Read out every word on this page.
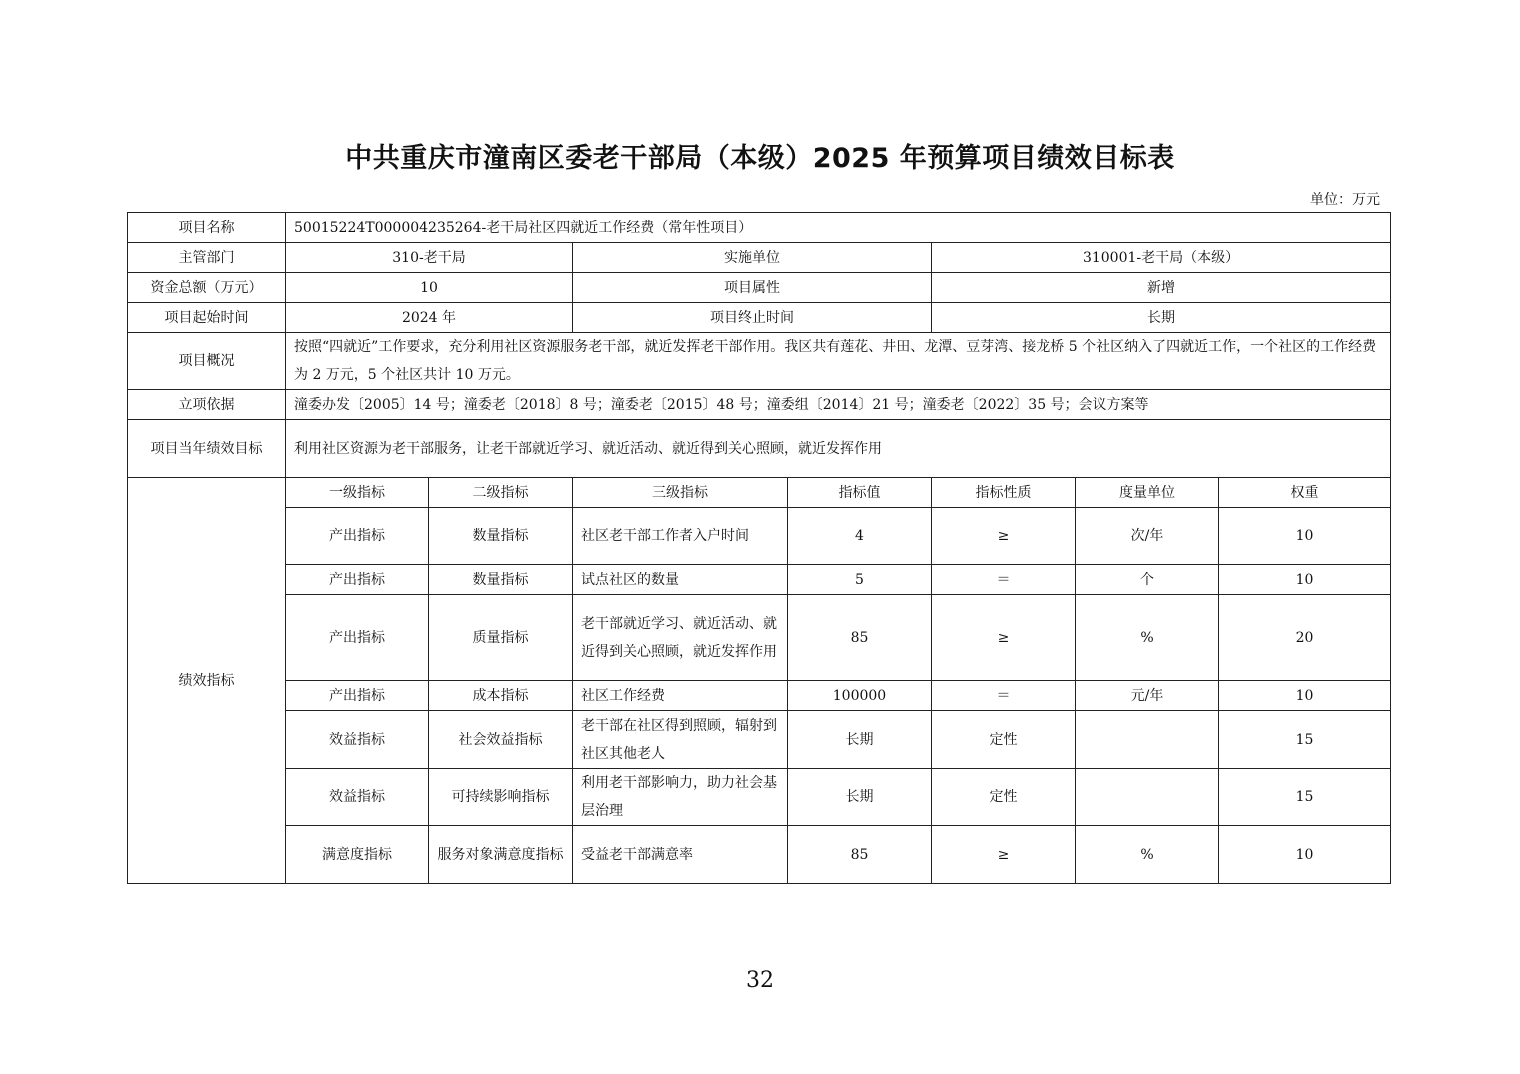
中共重庆市潼南区委老干部局（本级）2025 年预算项目绩效目标表
单位：万元
项目名称	50015224T000004235264-老干局社区四就近工作经费（常年性项目）						
主管部门	310-老干局		实施单位		310001-老干局（本级）		
资金总额（万元）	10		项目属性		新增		
项目起始时间	2024 年		项目终止时间		长期		
项目概况	按照“四就近”工作要求，充分利用社区资源服务老干部，就近发挥老干部作用。我区共有莲花、井田、龙潭、豆芽湾、接龙桥 5 个社区纳入了四就近工作，一个社区的工作经费为 2 万元，5 个社区共计 10 万元。						
立项依据	潼委办发〔2005〕14 号；潼委老〔2018〕8 号；潼委老〔2015〕48 号；潼委组〔2014〕21 号；潼委老〔2022〕35 号；会议方案等						
项目当年绩效目标	利用社区资源为老干部服务，让老干部就近学习、就近活动、就近得到关心照顾，就近发挥作用						
绩效指标	一级指标	二级指标	三级指标	指标值	指标性质	度量单位	权重
	产出指标	数量指标	社区老干部工作者入户时间	4	≥	次/年	10
	产出指标	数量指标	试点社区的数量	5	＝	个	10
	产出指标	质量指标	老干部就近学习、就近活动、就近得到关心照顾，就近发挥作用	85	≥	%	20
	产出指标	成本指标	社区工作经费	100000	＝	元/年	10
	效益指标	社会效益指标	老干部在社区得到照顾，辐射到社区其他老人	长期	定性		15
	效益指标	可持续影响指标	利用老干部影响力，助力社会基层治理	长期	定性		15
	满意度指标	服务对象满意度指标	受益老干部满意率	85	≥	%	10
32
